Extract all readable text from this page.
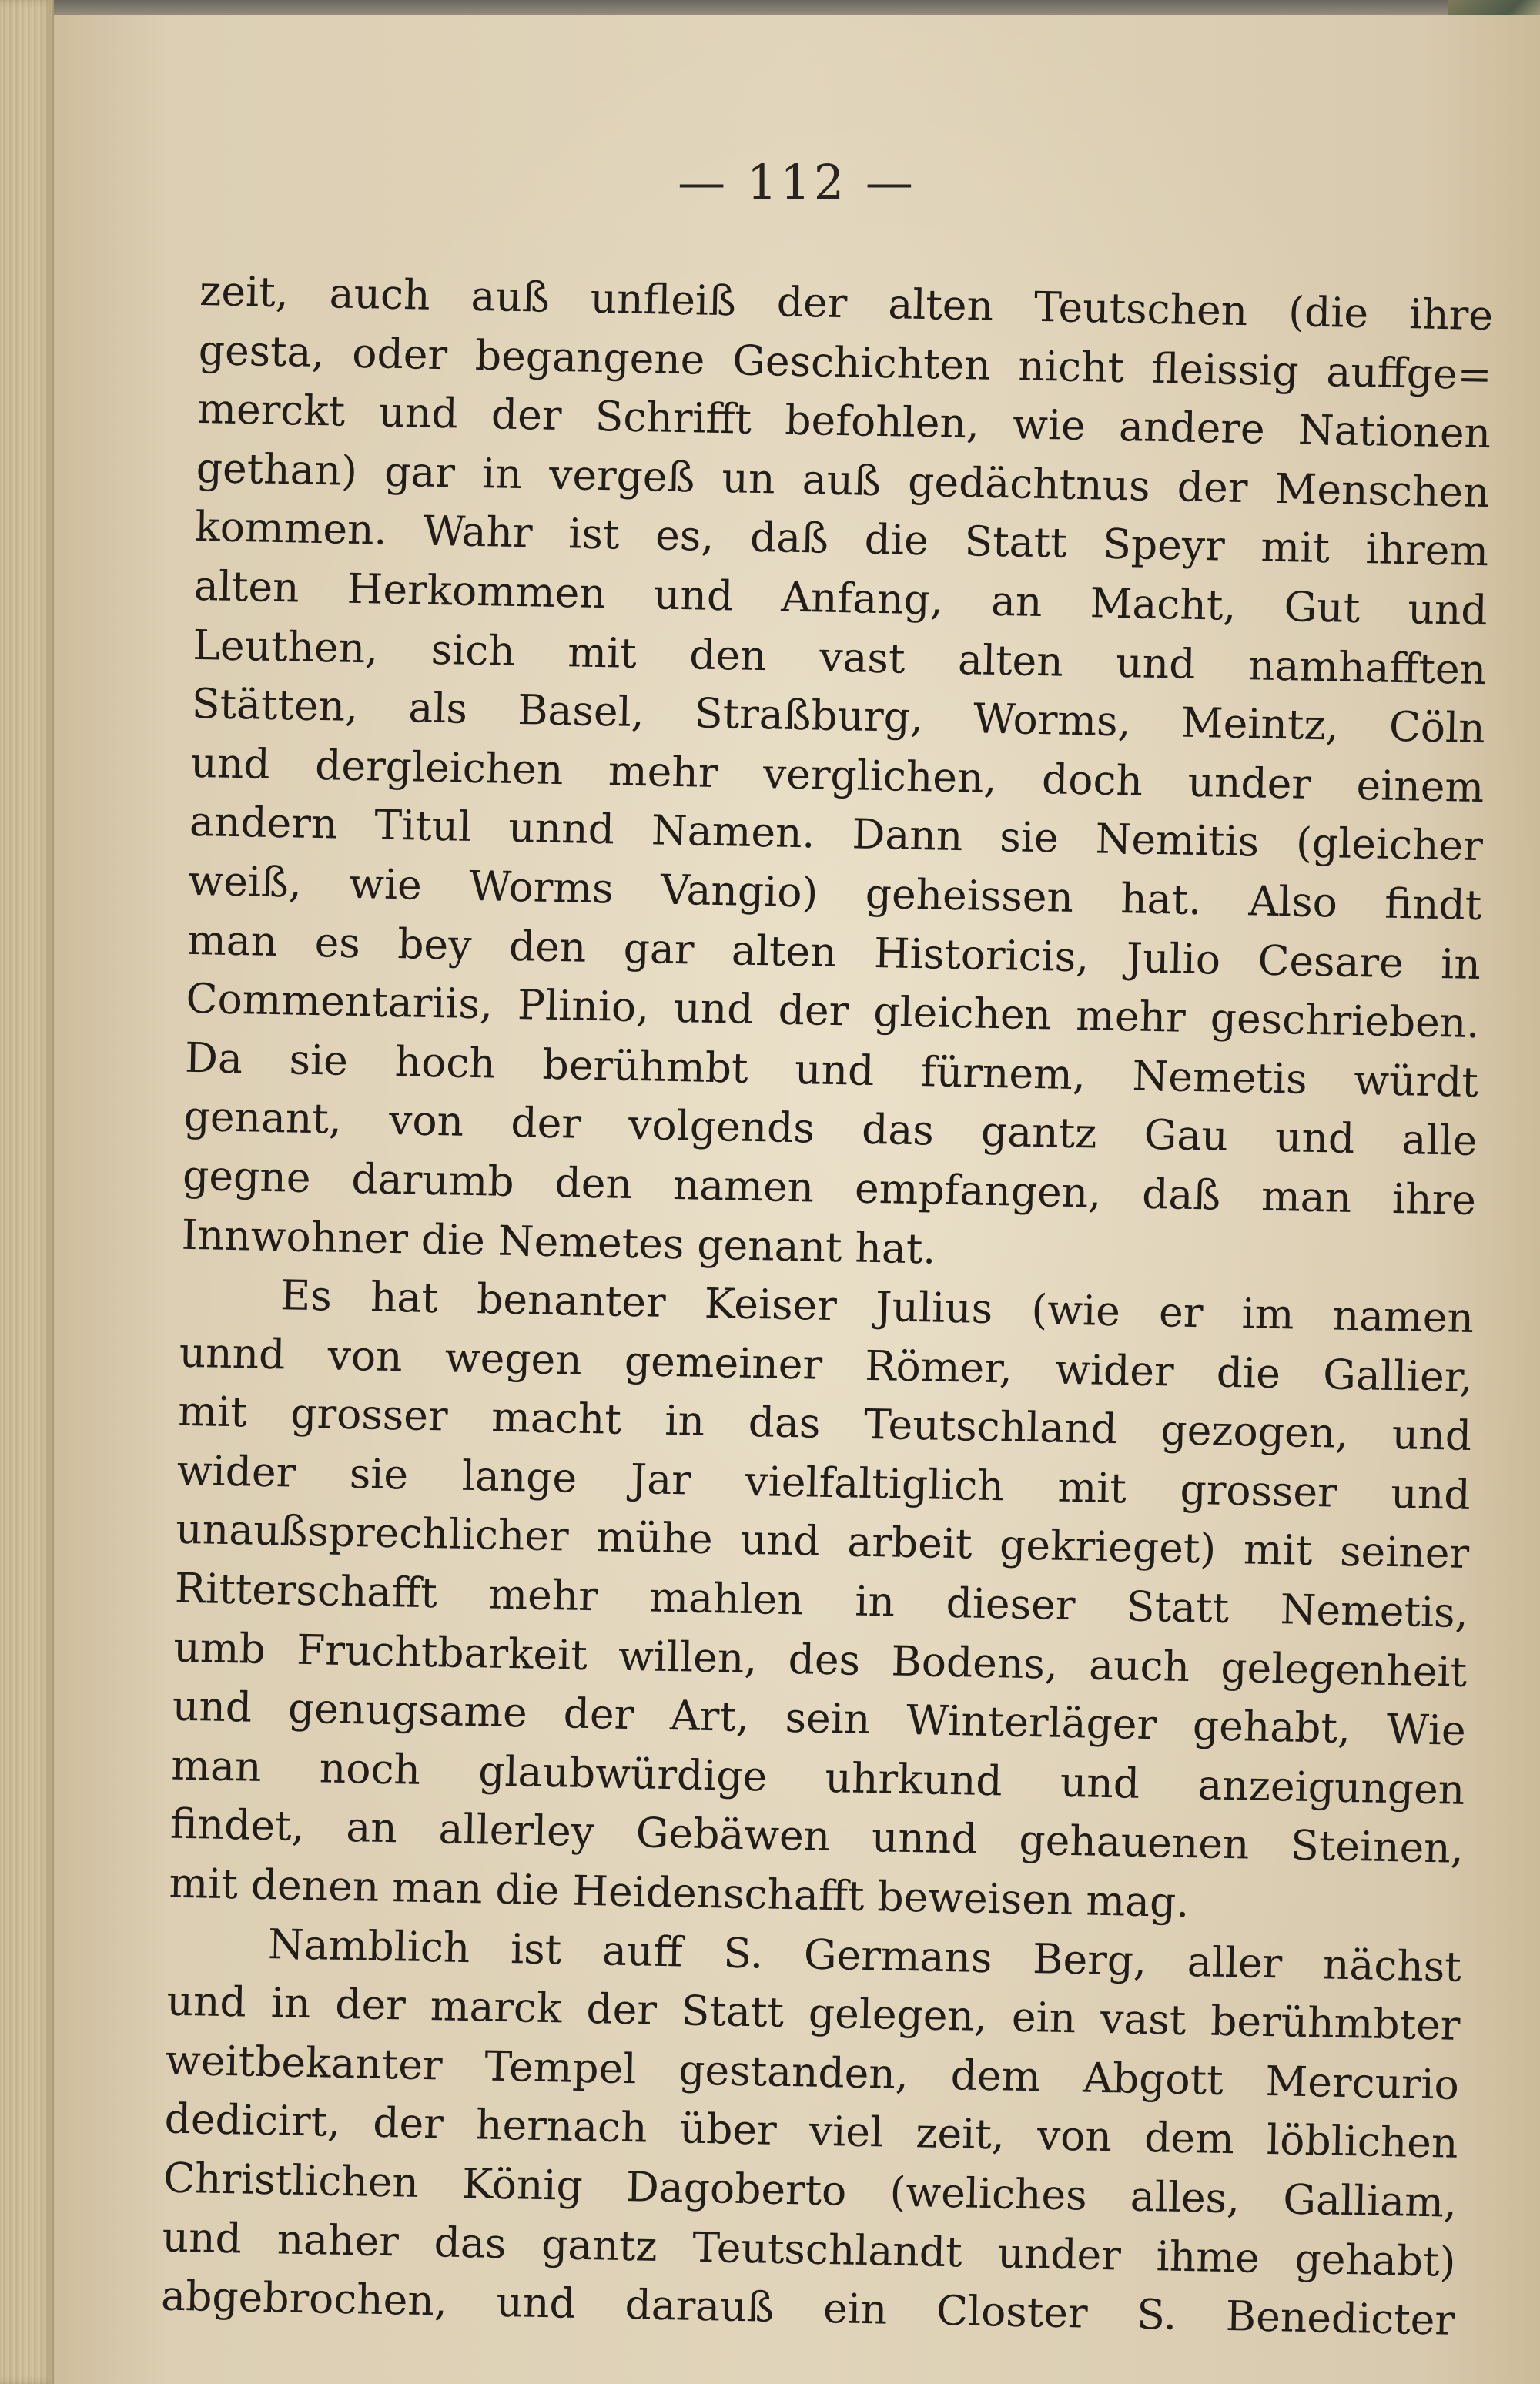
— 112 —
zeit, auch auß unfleiß der alten Teutschen (die ihre
gesta, oder begangene Geschichten nicht fleissig auffge=
merckt und der Schrifft befohlen, wie andere Nationen
gethan) gar in vergeß un auß gedächtnus der Menschen
kommen. Wahr ist es, daß die Statt Speyr mit ihrem
alten Herkommen und Anfang, an Macht, Gut und
Leuthen, sich mit den vast alten und namhafften
Stätten, als Basel, Straßburg, Worms, Meintz, Cöln
und dergleichen mehr verglichen, doch under einem
andern Titul unnd Namen. Dann sie Nemitis (gleicher
weiß, wie Worms Vangio) geheissen hat. Also findt
man es bey den gar alten Historicis, Julio Cesare in
Commentariis, Plinio, und der gleichen mehr geschrieben.
Da sie hoch berühmbt und fürnem, Nemetis würdt
genant, von der volgends das gantz Gau und alle
gegne darumb den namen empfangen, daß man ihre
Innwohner die Nemetes genant hat.
Es hat benanter Keiser Julius (wie er im namen
unnd von wegen gemeiner Römer, wider die Gallier,
mit grosser macht in das Teutschland gezogen, und
wider sie lange Jar vielfaltiglich mit grosser und
unaußsprechlicher mühe und arbeit gekrieget) mit seiner
Ritterschafft mehr mahlen in dieser Statt Nemetis,
umb Fruchtbarkeit willen, des Bodens, auch gelegenheit
und genugsame der Art, sein Winterläger gehabt, Wie
man noch glaubwürdige uhrkund und anzeigungen
findet, an allerley Gebäwen unnd gehauenen Steinen,
mit denen man die Heidenschafft beweisen mag.
Namblich ist auff S. Germans Berg, aller nächst
und in der marck der Statt gelegen, ein vast berühmbter
weitbekanter Tempel gestanden, dem Abgott Mercurio
dedicirt, der hernach über viel zeit, von dem löblichen
Christlichen König Dagoberto (weliches alles, Galliam,
und naher das gantz Teutschlandt under ihme gehabt)
abgebrochen, und darauß ein Closter S. Benedicter
